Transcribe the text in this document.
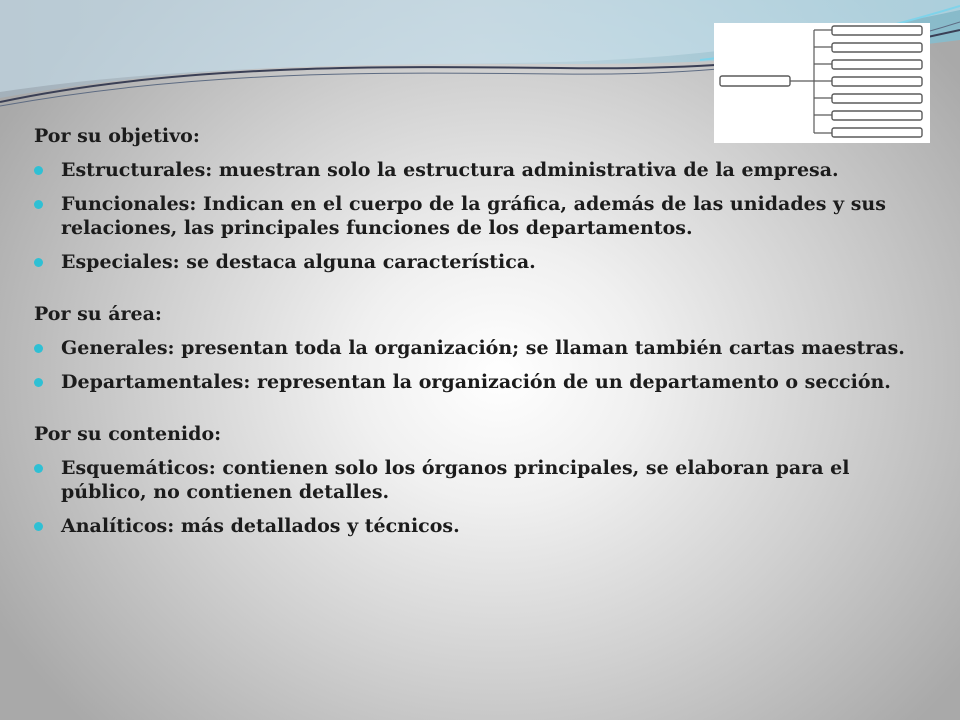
Por su objetivo:
Estructurales: muestran solo la estructura administrativa de la empresa.
Funcionales: Indican en el cuerpo de la gráfica, además de las unidades y sus relaciones, las principales funciones de los departamentos.
Especiales: se destaca alguna característica.
Por su área:
Generales: presentan toda la organización; se llaman también cartas maestras.
Departamentales: representan la organización de un departamento o sección.
Por su contenido:
Esquemáticos: contienen solo los órganos principales, se elaboran para el público, no contienen detalles.
Analíticos: más detallados y técnicos.
